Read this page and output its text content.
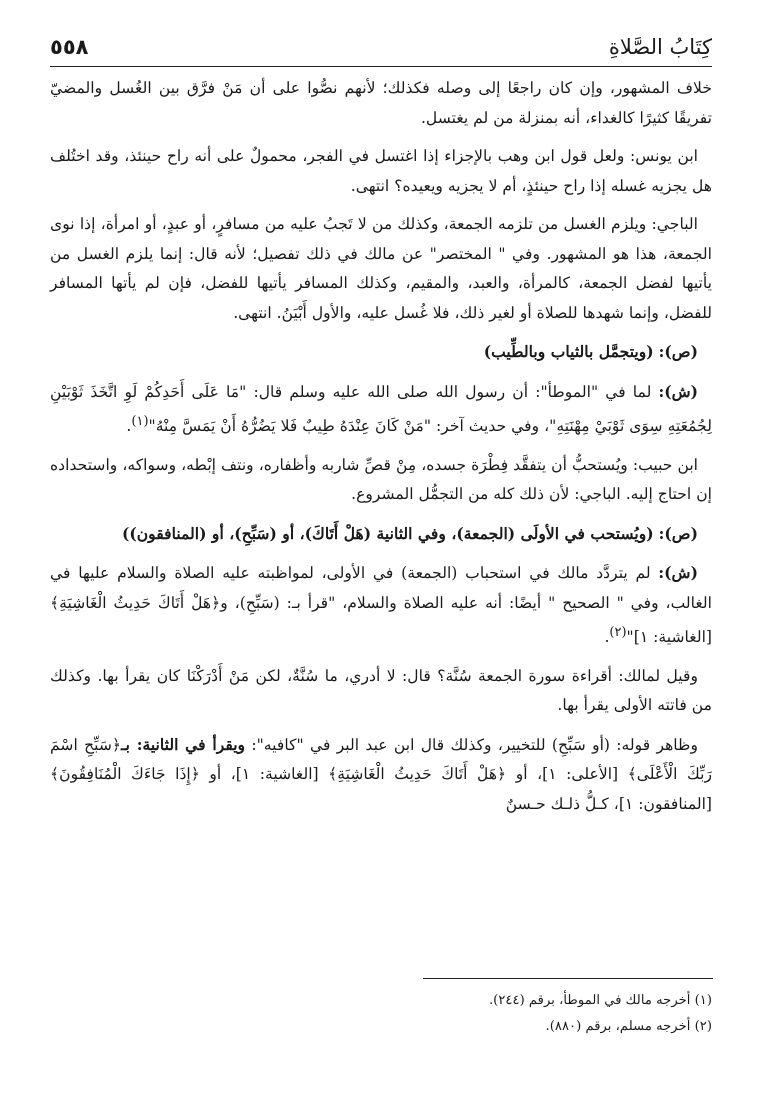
كِتَابُ الصَّلاةِ
٥٥٨

خلاف المشهور، وإن كان راجعًا إلى وصله فكذلك؛ لأنهم نصُّوا على أن مَنْ فرَّق بين الغُسل والمضيّ تفريقًا كثيرًا كالغداء، أنه بمنزلة من لم يغتسل.

ابن يونس: ولعل قول ابن وهب بالإجزاء إذا اغتسل في الفجر، محمولٌ على أنه راح حينئذ، وقد اختُلف هل يجزيه غسله إذا راح حينئذٍ، أم لا يجزيه ويعيده؟ انتهى.

الباجي: ويلزم الغسل من تلزمه الجمعة، وكذلك من لا تَجبُ عليه من مسافرٍ، أو عبدٍ، أو امرأة، إذا نوى الجمعة، هذا هو المشهور. وفي " المختصر" عن مالك في ذلك تفصيل؛ لأنه قال: إنما يلزم الغسل من يأتيها لفضل الجمعة، كالمرأة، والعبد، والمقيم، وكذلك المسافر يأتيها للفضل، فإن لم يأتها المسافر للفضل، وإنما شهدها للصلاة أو لغير ذلك، فلا غُسل عليه، والأول أَبْيَنُ. انتهى.

(ص): (ويتجمَّل بالثياب وبالطِّيب)

(ش): لما في "الموطأ": أن رسول الله صلى الله عليه وسلم قال: "مَا عَلَى أَحَدِكُمْ لَوِ اتَّخَذَ ثَوْبَيْنِ لِجُمُعَتِهِ سِوَى ثَوْبَيْ مِهْنَتِهِ"، وفي حديث آخر: "مَنْ كَانَ عِنْدَهُ طِيبٌ فَلا يَضُرُّهُ أَنْ يَمَسَّ مِنْهُ"$^{(١)}$.

ابن حبيب: ويُستحبُّ أن يتفقَّد فِطْرَة جسده، مِنْ قصِّ شاربه وأظفاره، ونتف إبْطه، وسواكه، واستحداده إن احتاج إليه. الباجي: لأن ذلك كله من التجمُّل المشروع.

(ص): (ويُستحب في الأولَى (الجمعة)، وفي الثانية (هَلْ أَتَاكَ)، أو (سَبِّحِ)، أو (المنافقون))

(ش): لم يتردَّد مالك في استحباب (الجمعة) في الأولى، لمواظبته عليه الصلاة والسلام عليها في الغالب، وفي " الصحيح " أيضًا: أنه عليه الصلاة والسلام، "قرأ بـ: (سَبِّحِ)، و﴿هَلْ أَتَاكَ حَدِيثُ الْغَاشِيَةِ﴾ [الغاشية: ١]"$^{(٢)}$.

وقيل لمالك: أقراءة سورة الجمعة سُنَّة؟ قال: لا أدري، ما سُنَّةٌ، لكن مَنْ أَدْرَكْنَا كان يقرأ بها. وكذلك من فاتته الأولى يقرأ بها.

وظاهر قوله: (أو سَبِّحِ) للتخيير، وكذلك قال ابن عبد البر في "كافيه": ويقرأ في الثانية: بـ﴿سَبِّحِ اسْمَ رَبِّكَ الْأَعْلَى﴾ [الأعلى: ١]، أو ﴿هَلْ أَتَاكَ حَدِيثُ الْغَاشِيَةِ﴾ [الغاشية: ١]، أو ﴿إِذَا جَاءَكَ الْمُنَافِقُونَ﴾ [المنافقون: ١]، كـلُّ ذلـك حـسنٌ

(١) أخرجه مالك في الموطأ، برقم (٢٤٤).
(٢) أخرجه مسلم، برقم (٨٨٠).
